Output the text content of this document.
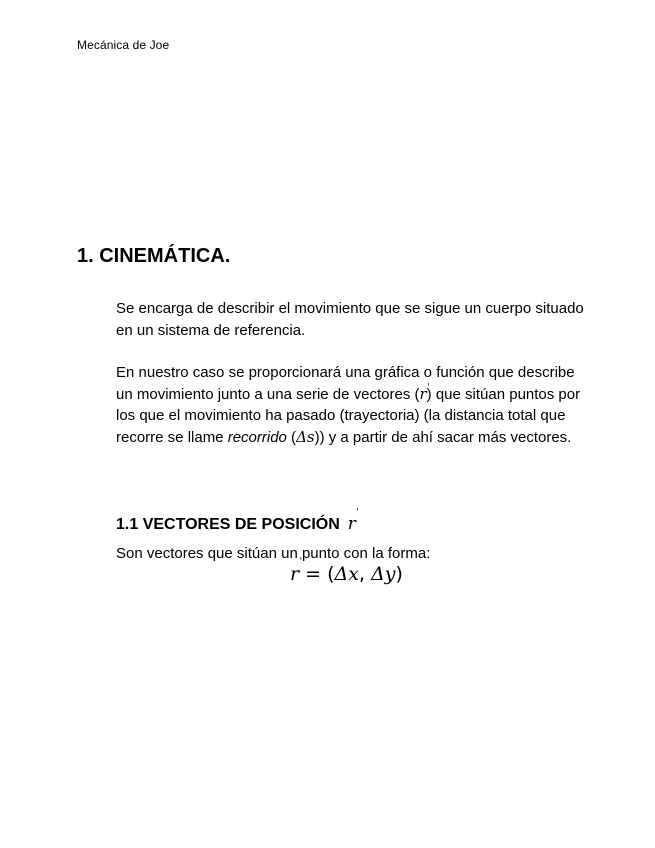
Mecánica de Joe
1. CINEMÁTICA.

Se encarga de describir el movimiento que se sigue un cuerpo situado en un sistema de referencia.

En nuestro caso se proporcionará una gráfica o función que describe un movimiento junto a una serie de vectores (r ') que sitúan puntos por los que el movimiento ha pasado (trayectoria) (la distancia total que recorre se llame recorrido (Δs)) y a partir de ahí sacar más vectores.

1.1 VECTORES DE POSICIÓN r '

Son vectores que sitúan un punto con la forma:

r ' = (Δx, Δy)
